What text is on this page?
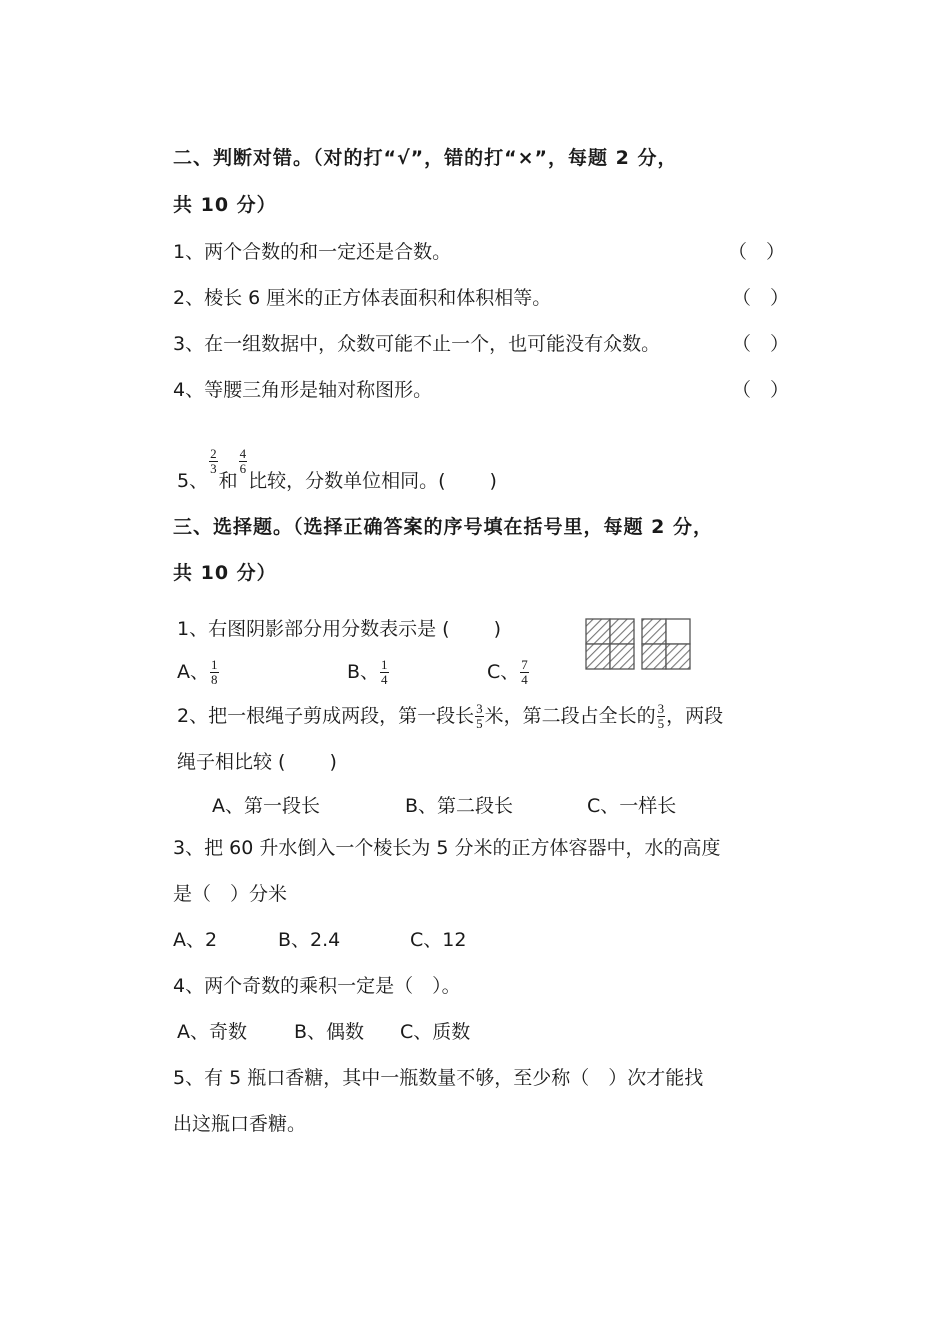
二、判断对错。（对的打“√”，错的打“×”，每题 2 分，
共 10 分）
1、两个合数的和一定还是合数。	（　）
2、棱长 6 厘米的正方体表面积和体积相等。	（　）
3、在一组数据中，众数可能不止一个，也可能没有众数。	（　）
4、等腰三角形是轴对称图形。	（　）
5、
$\frac{2}{3}$
和
$\frac{4}{6}$
比较，分数单位相同。(　　 )
三、选择题。（选择正确答案的序号填在括号里，每题 2 分，
共 10 分）
1、右图阴影部分用分数表示是 (　　 )
A、 $\frac{1}{8}$	B、 $\frac{1}{4}$	C、 $\frac{7}{4}$
2、把一根绳子剪成两段，第一段长 $\frac{3}{5}$ 米，第二段占全长的 $\frac{3}{5}$ ，两段
绳子相比较 (　　 )
A、第一段长	B、第二段长	C、一样长
3、把 60 升水倒入一个棱长为 5 分米的正方体容器中，水的高度
是（　）分米
A、2	B、2.4	C、12
4、两个奇数的乘积一定是（　）。
A、奇数 B、偶数 C、质数
5、有 5 瓶口香糖，其中一瓶数量不够，至少称（　）次才能找
出这瓶口香糖。
